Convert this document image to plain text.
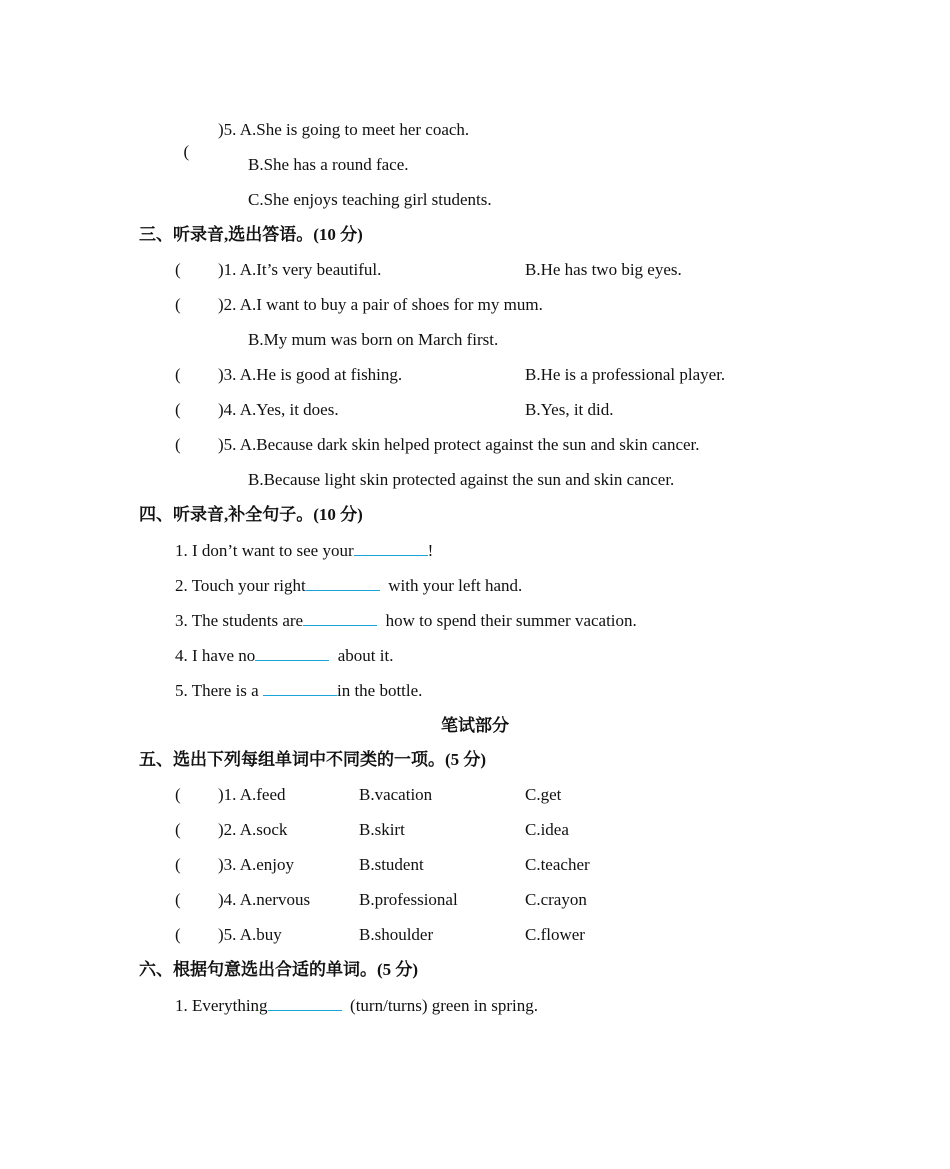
(

)5. A.She is going to meet her coach.
B.She has a round face.
C.She enjoys teaching girl students.
三、听录音,选出答语。(10 分)
( )1. A.It’s very beautiful.	B.He has two big eyes.
( )2. A.I want to buy a pair of shoes for my mum.
B.My mum was born on March first.
( )3. A.He is good at fishing.	B.He is a professional player.
( )4. A.Yes, it does.	B.Yes, it did.
( )5. A.Because dark skin helped protect against the sun and skin cancer.
B.Because light skin protected against the sun and skin cancer.
四、听录音,补全句子。(10 分)
1. I don’t want to see your	!
2. Touch your right	with your left hand.
3. The students are	how to spend their summer vacation.
4. I have no	about it.
5. There is a	in the bottle.
笔试部分
五、选出下列每组单词中不同类的一项。(5 分)
( )1. A.feed	B.vacation	C.get
( )2. A.sock	B.skirt	C.idea
( )3. A.enjoy	B.student	C.teacher
( )4. A.nervous	B.professional	C.crayon
( )5. A.buy	B.shoulder	C.flower
六、根据句意选出合适的单词。(5 分)
1. Everything	(turn/turns) green in spring.
